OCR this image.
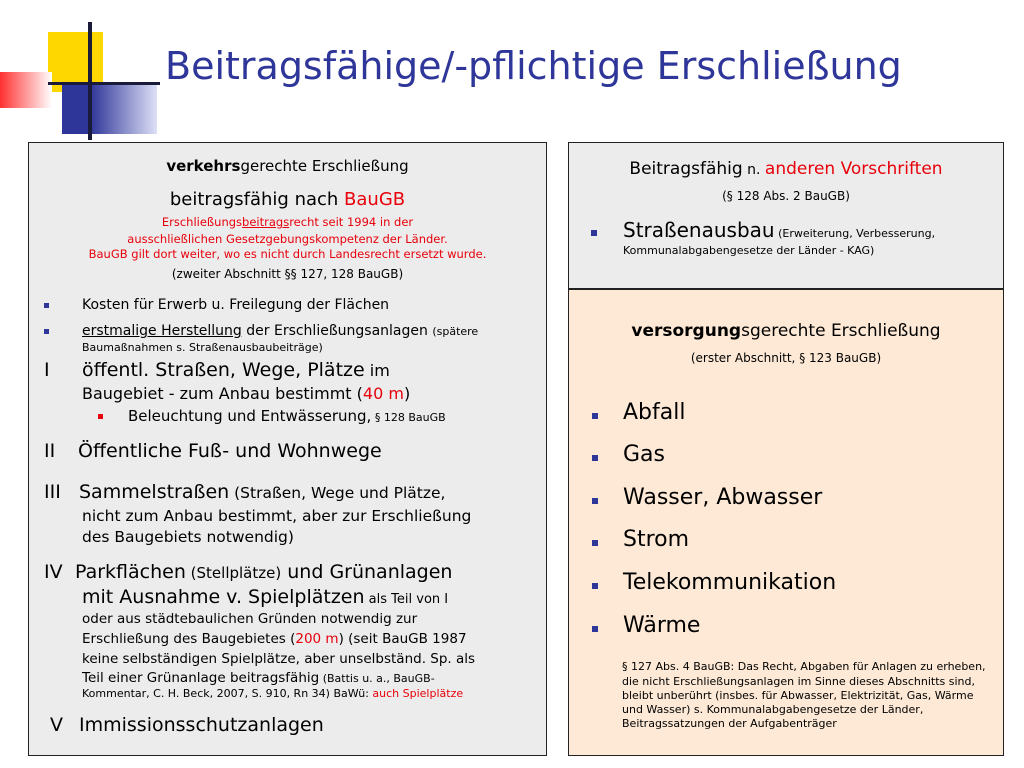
Beitragsfähige/-pflichtige Erschließung
verkehrsgerechte Erschließung
beitragsfähig nach BauGB
Erschließungsbeitragsrecht seit 1994 in der
ausschließlichen Gesetzgebungskompetenz der Länder.
BauGB gilt dort weiter, wo es nicht durch Landesrecht ersetzt wurde.
(zweiter Abschnitt §§ 127, 128 BauGB)
Kosten für Erwerb u. Freilegung der Flächen
erstmalige Herstellung der Erschließungsanlagen (spätere
Baumaßnahmen s. Straßenausbaubeiträge)
I öffentl. Straßen, Wege, Plätze im
Baugebiet - zum Anbau bestimmt (40 m)
Beleuchtung und Entwässerung, § 128 BauGB
II Öffentliche Fuß- und Wohnwege
III Sammelstraßen (Straßen, Wege und Plätze,
nicht zum Anbau bestimmt, aber zur Erschließung
des Baugebiets notwendig)
IV Parkflächen (Stellplätze) und Grünanlagen
mit Ausnahme v. Spielplätzen als Teil von I
oder aus städtebaulichen Gründen notwendig zur
Erschließung des Baugebietes (200 m) (seit BauGB 1987
keine selbständigen Spielplätze, aber unselbständ. Sp. als
Teil einer Grünanlage beitragsfähig (Battis u. a., BauGB-
Kommentar, C. H. Beck, 2007, S. 910, Rn 34) BaWü: auch Spielplätze
V Immissionsschutzanlagen
Beitragsfähig n. anderen Vorschriften
(§ 128 Abs. 2 BauGB)
Straßenausbau (Erweiterung, Verbesserung,
Kommunalabgabengesetze der Länder - KAG)
versorgungsgerechte Erschließung
(erster Abschnitt, § 123 BauGB)
Abfall
Gas
Wasser, Abwasser
Strom
Telekommunikation
Wärme
§ 127 Abs. 4 BauGB: Das Recht, Abgaben für Anlagen zu erheben,
die nicht Erschließungsanlagen im Sinne dieses Abschnitts sind,
bleibt unberührt (insbes. für Abwasser, Elektrizität, Gas, Wärme
und Wasser) s. Kommunalabgabengesetze der Länder,
Beitragssatzungen der Aufgabenträger
